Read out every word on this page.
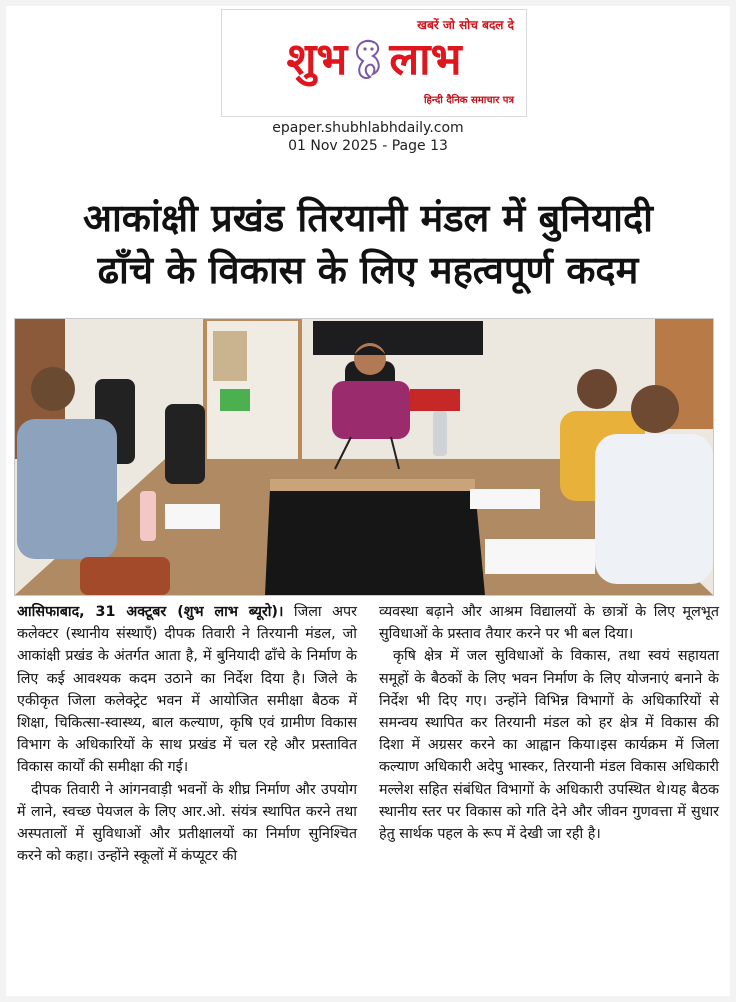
खबरें जो सोच बदल दे
शुभ लाभ
हिन्दी दैनिक समाचार पत्र
epaper.shubhlabhdaily.com
01 Nov 2025 - Page 13
आकांक्षी प्रखंड तिरयानी मंडल में बुनियादी
ढाँचे के विकास के लिए महत्वपूर्ण कदम

आसिफाबाद, 31 अक्टूबर (शुभ लाभ ब्यूरो)। जिला अपर कलेक्टर (स्थानीय संस्थाएँ) दीपक तिवारी ने तिरयानी मंडल, जो आकांक्षी प्रखंड के अंतर्गत आता है, में बुनियादी ढाँचे के निर्माण के लिए कई आवश्यक कदम उठाने का निर्देश दिया है। जिले के एकीकृत जिला कलेक्ट्रेट भवन में आयोजित समीक्षा बैठक में शिक्षा, चिकित्सा-स्वास्थ्य, बाल कल्याण, कृषि एवं ग्रामीण विकास विभाग के अधिकारियों के साथ प्रखंड में चल रहे और प्रस्तावित विकास कार्यों की समीक्षा की गई।

दीपक तिवारी ने आंगनवाड़ी भवनों के शीघ्र निर्माण और उपयोग में लाने, स्वच्छ पेयजल के लिए आर.ओ. संयंत्र स्थापित करने तथा अस्पतालों में सुविधाओं और प्रतीक्षालयों का निर्माण सुनिश्चित करने को कहा। उन्होंने स्कूलों में कंप्यूटर की

व्यवस्था बढ़ाने और आश्रम विद्यालयों के छात्रों के लिए मूलभूत सुविधाओं के प्रस्ताव तैयार करने पर भी बल दिया।

कृषि क्षेत्र में जल सुविधाओं के विकास, तथा स्वयं सहायता समूहों के बैठकों के लिए भवन निर्माण के लिए योजनाएं बनाने के निर्देश भी दिए गए। उन्होंने विभिन्न विभागों के अधिकारियों से समन्वय स्थापित कर तिरयानी मंडल को हर क्षेत्र में विकास की दिशा में अग्रसर करने का आह्वान किया।इस कार्यक्रम में जिला कल्याण अधिकारी अदेपु भास्कर, तिरयानी मंडल विकास अधिकारी मल्लेश सहित संबंधित विभागों के अधिकारी उपस्थित थे।यह बैठक स्थानीय स्तर पर विकास को गति देने और जीवन गुणवत्ता में सुधार हेतु सार्थक पहल के रूप में देखी जा रही है।
